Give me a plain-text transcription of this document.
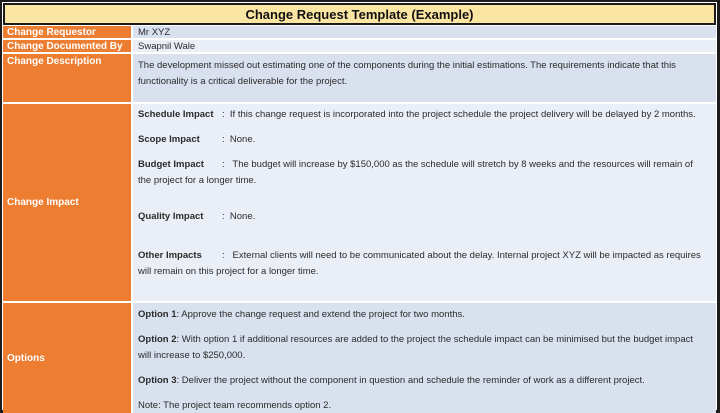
Change Request Template (Example)
Change Requestor	Mr XYZ
Change Documented By Swapnil Wale
Change Description	The development missed out estimating one of the components during the initial estimations. The requirements indicate that this functionality is a critical deliverable for the project.
Change Impact

Schedule Impact :  If this change request is incorporated into the project schedule the project delivery will be delayed by 2 months.

Scope Impact :  None.

Budget Impact :   The budget will increase by $150,000 as the schedule will stretch by 8 weeks and the resources will remain of the project for a longer time.

Quality Impact :  None.

Other Impacts :   External clients will need to be communicated about the delay. Internal project XYZ will be impacted as requires will remain on this project for a longer time.

Options

Option 1: Approve the change request and extend the project for two months.

Option 2: With option 1 if additional resources are added to the project the schedule impact can be minimised but the budget impact will increase to $250,000.

Option 3: Deliver the project without the component in question and schedule the reminder of work as a different project.

Note: The project team recommends option 2.
